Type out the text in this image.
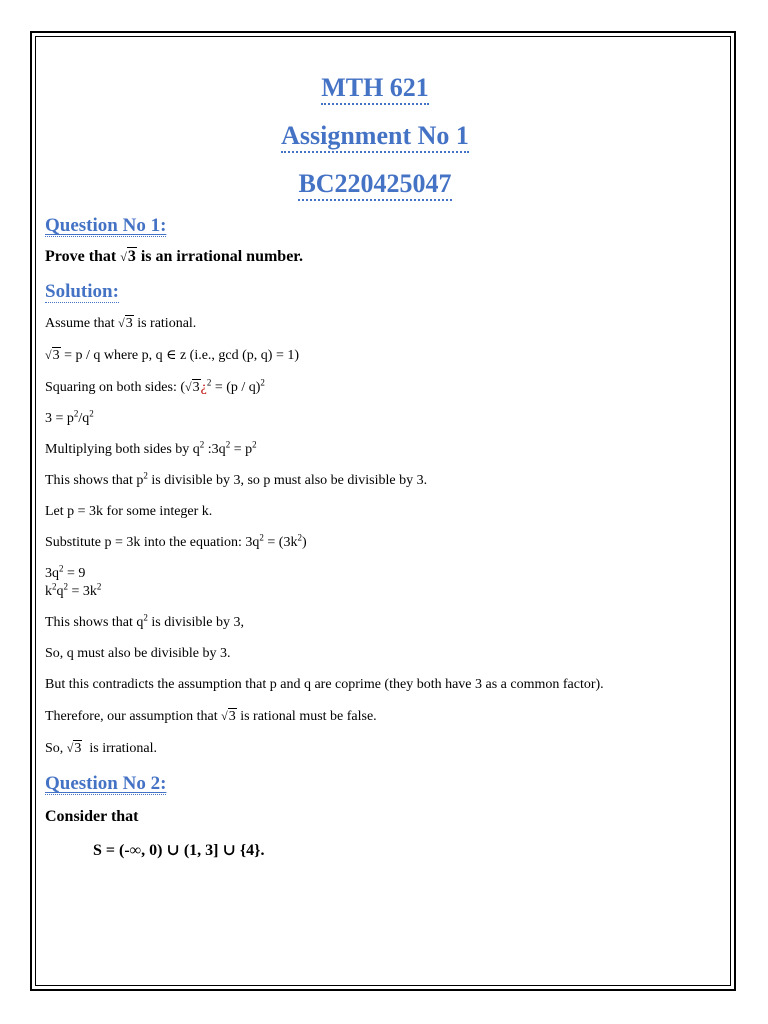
MTH 621
Assignment No 1
BC220425047
Question No 1:
Prove that √3 is an irrational number.
Solution:
Assume that √3 is rational.
√3 = p / q where p, q ∈ z (i.e., gcd (p, q) = 1)
Squaring on both sides: (√3¿$^2$ = (p / q)$^2$
$3 = p^2/q^2$
Multiplying both sides by $q^2$ $:3q^2 = p^2$
This shows that $p^2$ is divisible by 3, so p must also be divisible by 3.
Let p = 3k for some integer k.
Substitute p = 3k into the equation: $3q^2 = (3k^2)$
$3q^2 = 9$
$k^2q^2 = 3k^2$
This shows that $q^2$ is divisible by 3,
So, q must also be divisible by 3.
But this contradicts the assumption that p and q are coprime (they both have 3 as a common factor).
Therefore, our assumption that √3 is rational must be false.
So, √3  is irrational.
Question No 2:
Consider that
S = (-∞, 0) ∪ (1, 3] ∪ {4}.
